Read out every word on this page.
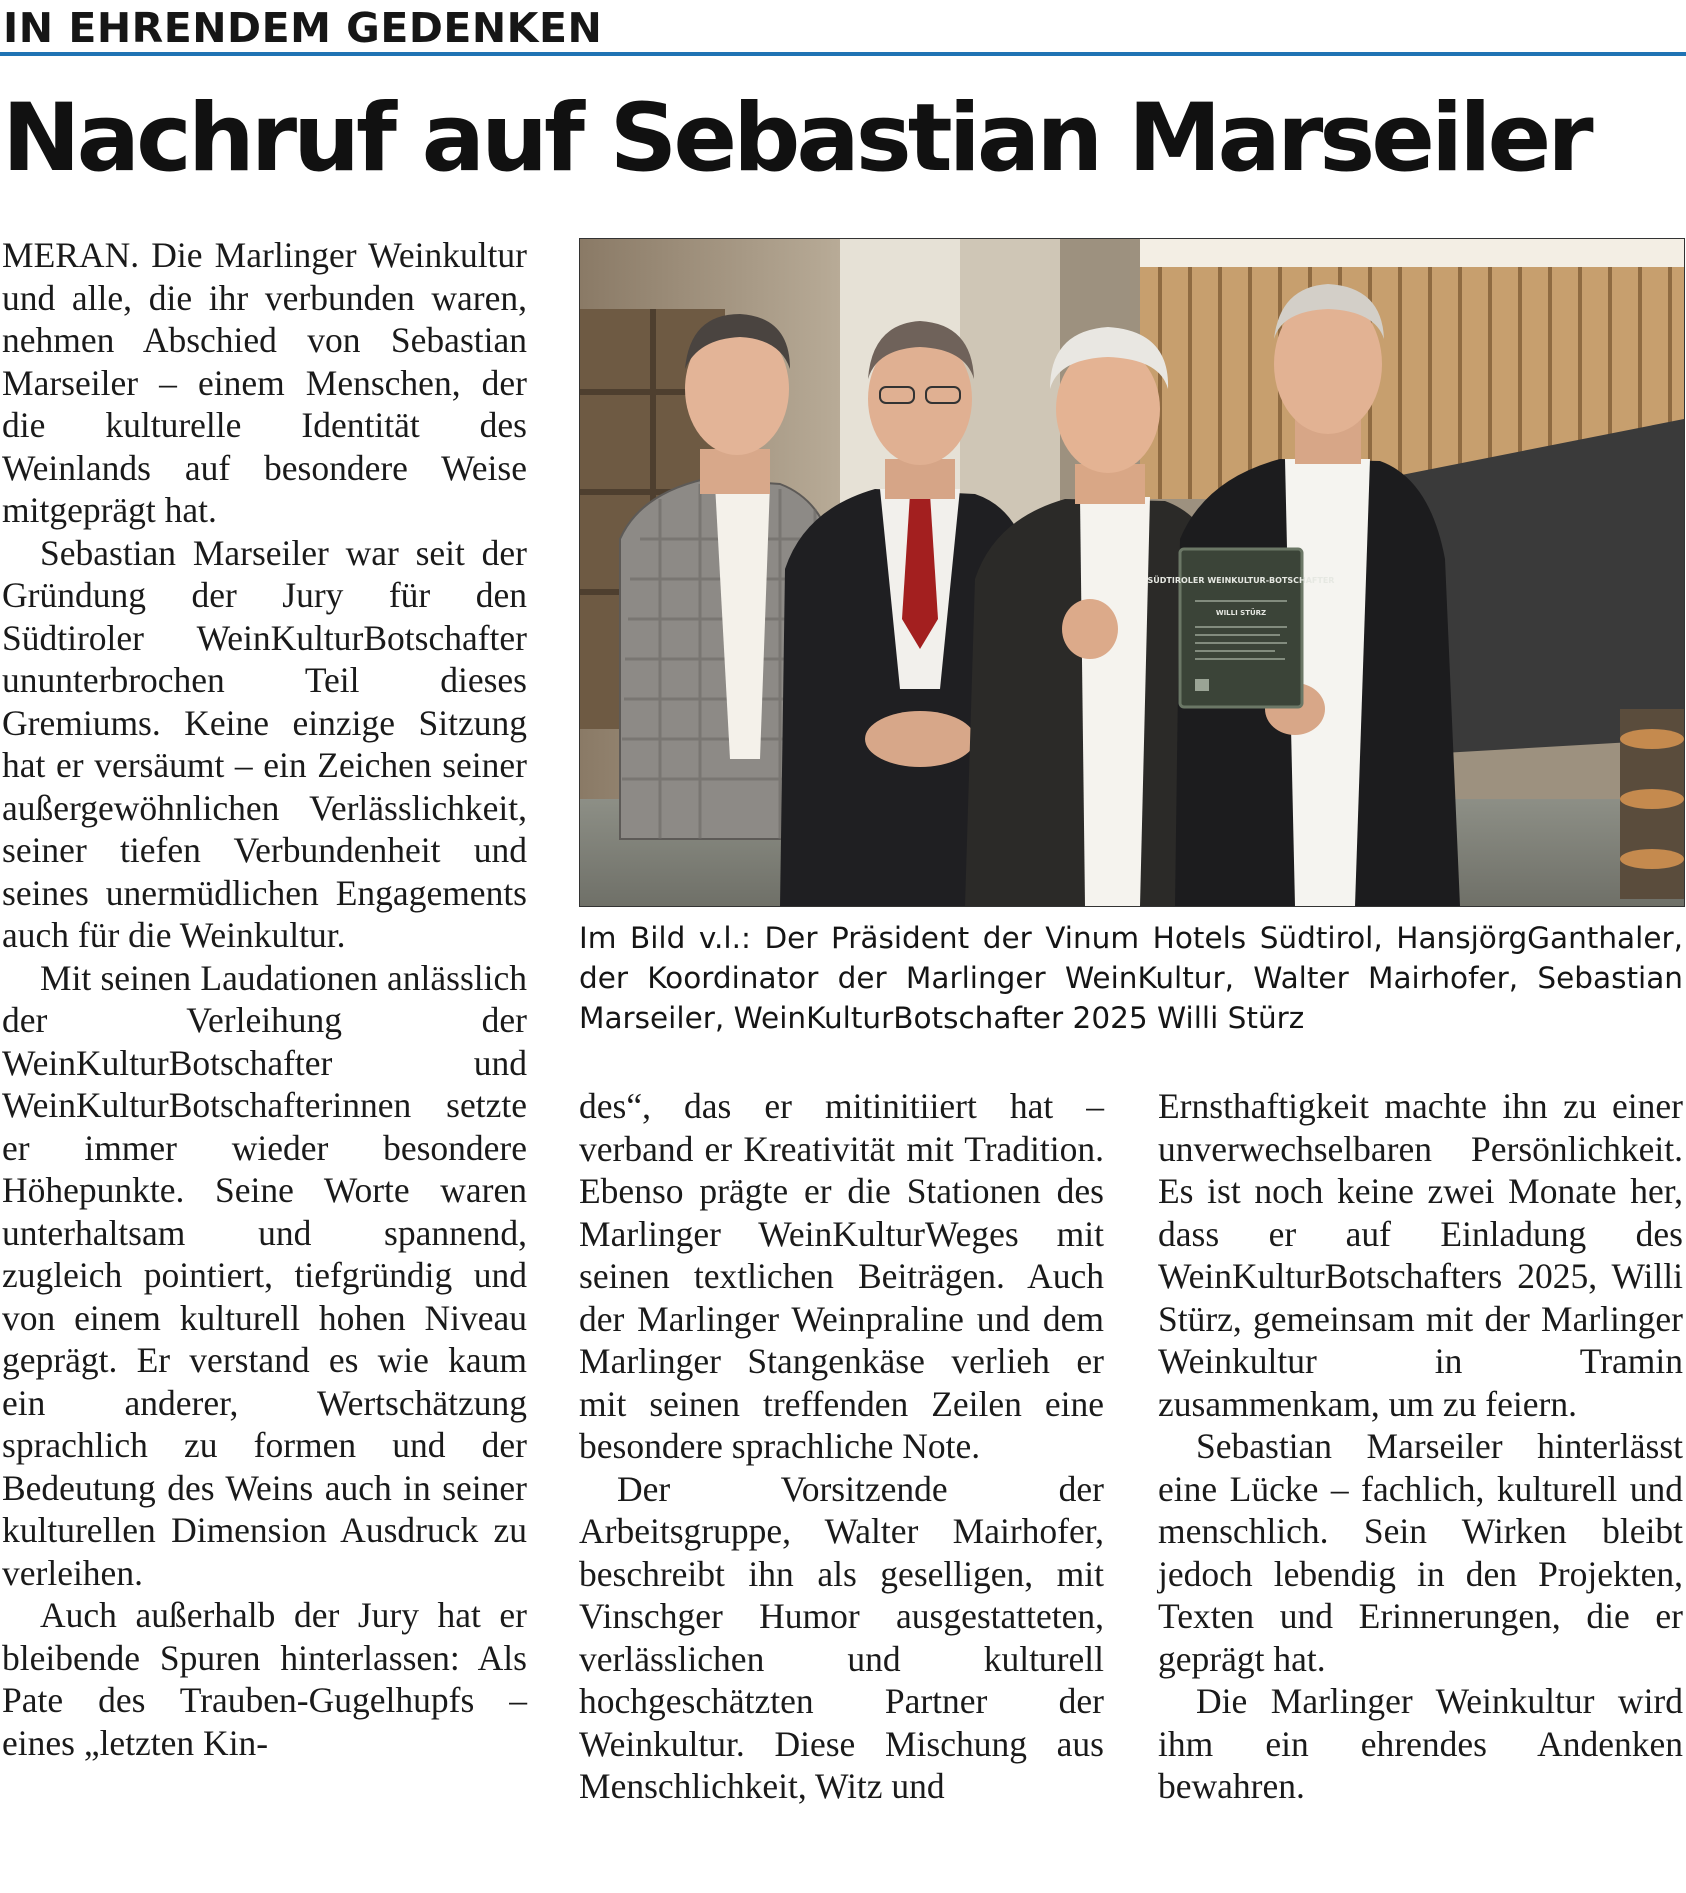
IN EHRENDEM GEDENKEN
Nachruf auf Sebastian Marseiler

MERAN. Die Marlinger Weinkultur und alle, die ihr verbunden waren, nehmen Abschied von Sebastian Marseiler – einem Menschen, der die kulturelle Identität des Weinlands auf besondere Weise mitgeprägt hat.

Sebastian Marseiler war seit der Gründung der Jury für den Südtiroler WeinKulturBotschafter ununterbrochen Teil dieses Gremiums. Keine einzige Sitzung hat er versäumt – ein Zeichen seiner außergewöhnlichen Verlässlichkeit, seiner tiefen Verbundenheit und seines unermüdlichen Engagements auch für die Weinkultur.

Mit seinen Laudationen anlässlich der Verleihung der WeinKulturBotschafter und WeinKulturBotschafterinnen setzte er immer wieder besondere Höhepunkte. Seine Worte waren unterhaltsam und spannend, zugleich pointiert, tiefgründig und von einem kulturell hohen Niveau geprägt. Er verstand es wie kaum ein anderer, Wertschätzung sprachlich zu formen und der Bedeutung des Weins auch in seiner kulturellen Dimension Ausdruck zu verleihen.

Auch außerhalb der Jury hat er bleibende Spuren hinterlassen: Als Pate des Trauben-Gugelhupfs – eines „letzten Kin-

SÜDTIROLER WEINKULTUR-BOTSCHAFTER
WILLI STÜRZ
Im Bild v.l.: Der Präsident der Vinum Hotels Südtirol, HansjörgGanthaler, der Koordinator der Marlinger WeinKultur, Walter Mairhofer, Sebastian Marseiler, WeinKulturBotschafter 2025 Willi Stürz

des“, das er mitinitiiert hat – verband er Kreativität mit Tradition. Ebenso prägte er die Stationen des Marlinger WeinKulturWeges mit seinen textlichen Beiträgen. Auch der Marlinger Weinpraline und dem Marlinger Stangenkäse verlieh er mit seinen treffenden Zeilen eine besondere sprachliche Note.

Der Vorsitzende der Arbeitsgruppe, Walter Mairhofer, beschreibt ihn als geselligen, mit Vinschger Humor ausgestatteten, verlässlichen und kulturell hochgeschätzten Partner der Weinkultur. Diese Mischung aus Menschlichkeit, Witz und

Ernsthaftigkeit machte ihn zu einer unverwechselbaren Persönlichkeit. Es ist noch keine zwei Monate her, dass er auf Einladung des WeinKulturBotschafters 2025, Willi Stürz, gemeinsam mit der Marlinger Weinkultur in Tramin zusammenkam, um zu feiern.

Sebastian Marseiler hinterlässt eine Lücke – fachlich, kulturell und menschlich. Sein Wirken bleibt jedoch lebendig in den Projekten, Texten und Erinnerungen, die er geprägt hat.

Die Marlinger Weinkultur wird ihm ein ehrendes Andenken bewahren.
